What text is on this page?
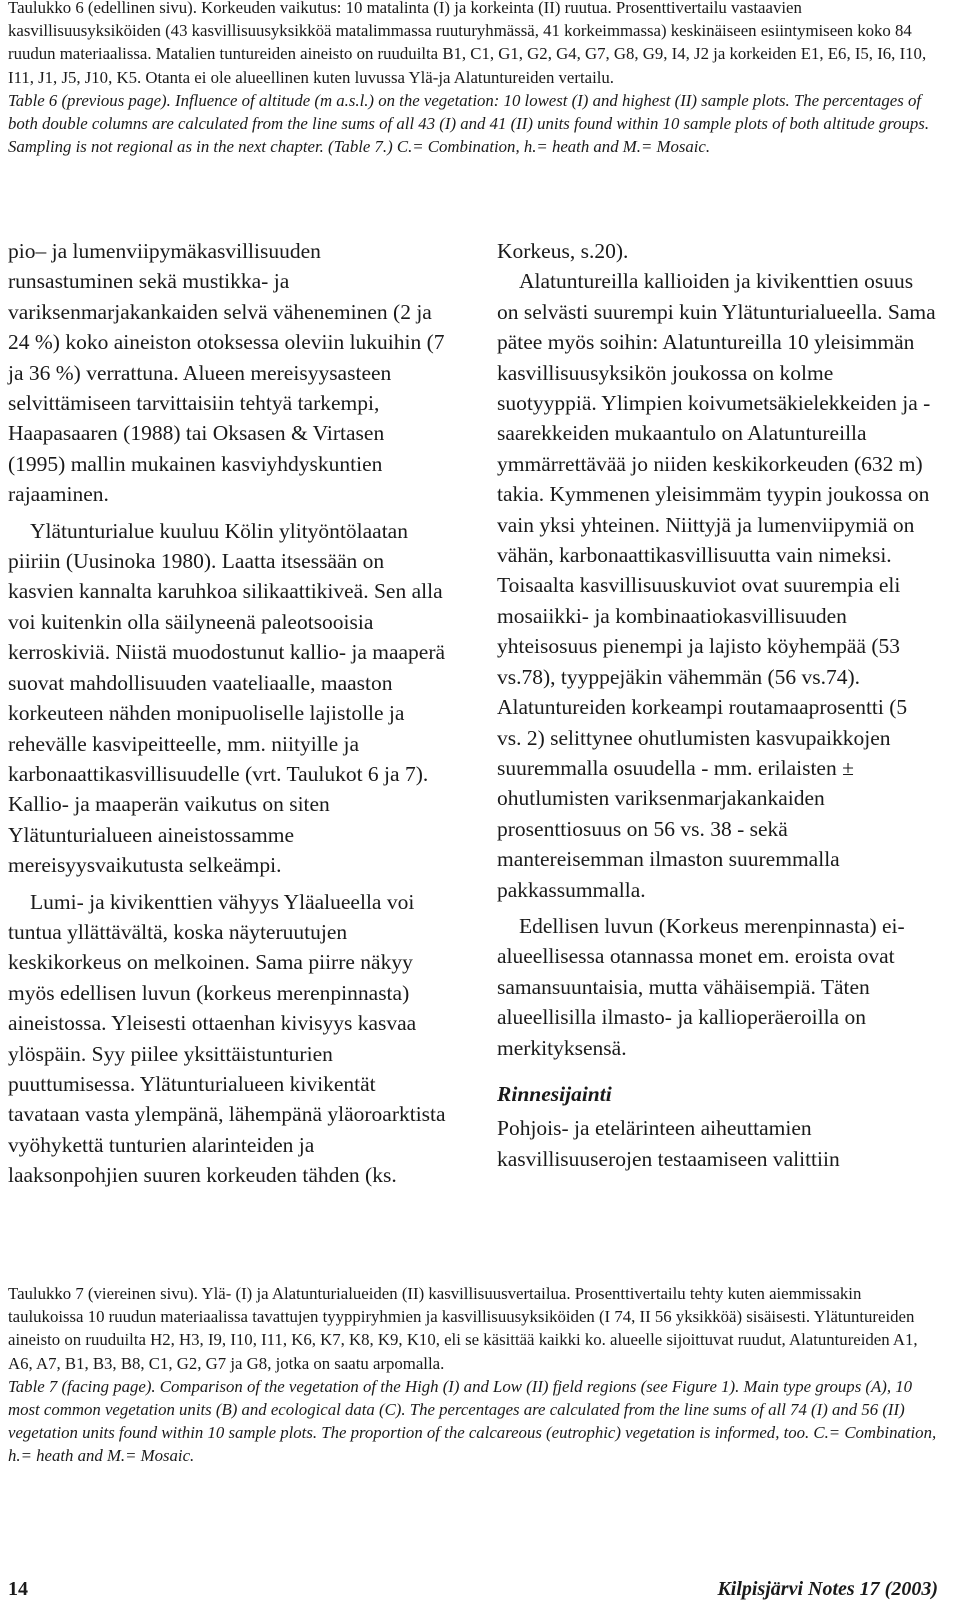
Taulukko 6 (edellinen sivu). Korkeuden vaikutus: 10 matalinta (I) ja korkeinta (II) ruutua. Prosenttivertailu vastaavien kasvillisuusyksiköiden (43 kasvillisuusyksikköä matalimmassa ruuturyhmässä, 41 korkeimmassa) keskinäiseen esiintymiseen koko 84 ruudun materiaalissa. Matalien tuntureiden aineisto on ruuduilta B1, C1, G1, G2, G4, G7, G8, G9, I4, J2 ja korkeiden E1, E6, I5, I6, I10, I11, J1, J5, J10, K5. Otanta ei ole alueellinen kuten luvussa Ylä-ja Alatuntureiden vertailu.

Table 6 (previous page). Influence of altitude (m a.s.l.) on the vegetation: 10 lowest (I) and highest (II) sample plots. The percentages of both double columns are calculated from the line sums of all 43 (I) and 41 (II) units found within 10 sample plots of both altitude groups. Sampling is not regional as in the next chapter. (Table 7.) C.= Combination, h.= heath and M.= Mosaic.

pio– ja lumenviipymäkasvillisuuden runsastuminen sekä mustikka- ja variksenmarjakankaiden selvä väheneminen (2 ja 24 %) koko aineiston otoksessa oleviin lukuihin (7 ja 36 %) verrattuna. Alueen mereisyysasteen selvittämiseen tarvittaisiin tehtyä tarkempi, Haapasaaren (1988) tai Oksasen & Virtasen (1995) mallin mukainen kasviyhdyskuntien rajaaminen.

Ylätunturialue kuuluu Kölin ylityöntölaatan piiriin (Uusinoka 1980). Laatta itsessään on kasvien kannalta karuhkoa silikaattikiveä. Sen alla voi kuitenkin olla säilyneenä paleotsooisia kerroskiviä. Niistä muodostunut kallio- ja maaperä suovat mahdollisuuden vaateliaalle, maaston korkeuteen nähden monipuoliselle lajistolle ja rehevälle kasvipeitteelle, mm. niityille ja karbonaattikasvillisuudelle (vrt. Taulukot 6 ja 7). Kallio- ja maaperän vaikutus on siten Ylätunturialueen aineistossamme mereisyysvaikutusta selkeämpi.

Lumi- ja kivikenttien vähyys Yläalueella voi tuntua yllättävältä, koska näyteruutujen keskikorkeus on melkoinen. Sama piirre näkyy myös edellisen luvun (korkeus merenpinnasta) aineistossa. Yleisesti ottaenhan kivisyys kasvaa ylöspäin. Syy piilee yksittäistunturien puuttumisessa. Ylätunturialueen kivikentät tavataan vasta ylempänä, lähempänä yläoroarktista vyöhykettä tunturien alarinteiden ja laaksonpohjien suuren korkeuden tähden (ks.

Korkeus, s.20).

Alatuntureilla kallioiden ja kivikenttien osuus on selvästi suurempi kuin Ylätunturialueella. Sama pätee myös soihin: Alatuntureilla 10 yleisimmän kasvillisuusyksikön joukossa on kolme suotyyppiä. Ylimpien koivumetsäkielekkeiden ja -saarekkeiden mukaantulo on Alatuntureilla ymmärrettävää jo niiden keskikorkeuden (632 m) takia. Kymmenen yleisimmäm tyypin joukossa on vain yksi yhteinen. Niittyjä ja lumenviipymiä on vähän, karbonaattikasvillisuutta vain nimeksi. Toisaalta kasvillisuuskuviot ovat suurempia eli mosaiikki- ja kombinaatiokasvillisuuden yhteisosuus pienempi ja lajisto köyhempää (53 vs.78), tyyppejäkin vähemmän (56 vs.74). Alatuntureiden korkeampi routamaaprosentti (5 vs. 2) selittynee ohutlumisten kasvupaikkojen suuremmalla osuudella - mm. erilaisten ± ohutlumisten variksenmarjakankaiden prosenttiosuus on 56 vs. 38 - sekä mantereisemman ilmaston suuremmalla pakkassummalla.

Edellisen luvun (Korkeus merenpinnasta) ei-alueellisessa otannassa monet em. eroista ovat samansuuntaisia, mutta vähäisempiä. Täten alueellisilla ilmasto- ja kallioperäeroilla on merkityksensä.

Rinnesijainti

Pohjois- ja etelärinteen aiheuttamien kasvillisuuserojen testaamiseen valittiin

Taulukko 7 (viereinen sivu). Ylä- (I) ja Alatunturialueiden (II) kasvillisuusvertailua. Prosenttivertailu tehty kuten aiemmissakin taulukoissa 10 ruudun materiaalissa tavattujen tyyppiryhmien ja kasvillisuusyksiköiden (I 74, II 56 yksikköä) sisäisesti. Ylätuntureiden aineisto on ruuduilta H2, H3, I9, I10, I11, K6, K7, K8, K9, K10, eli se käsittää kaikki ko. alueelle sijoittuvat ruudut, Alatuntureiden A1, A6, A7, B1, B3, B8, C1, G2, G7 ja G8, jotka on saatu arpomalla.

Table 7 (facing page). Comparison of the vegetation of the High (I) and Low (II) fjeld regions (see Figure 1). Main type groups (A), 10 most common vegetation units (B) and ecological data (C). The percentages are calculated from the line sums of all 74 (I) and 56 (II) vegetation units found within 10 sample plots. The proportion of the calcareous (eutrophic) vegetation is informed, too. C.= Combination, h.= heath and M.= Mosaic.

14	Kilpisjärvi Notes 17 (2003)
